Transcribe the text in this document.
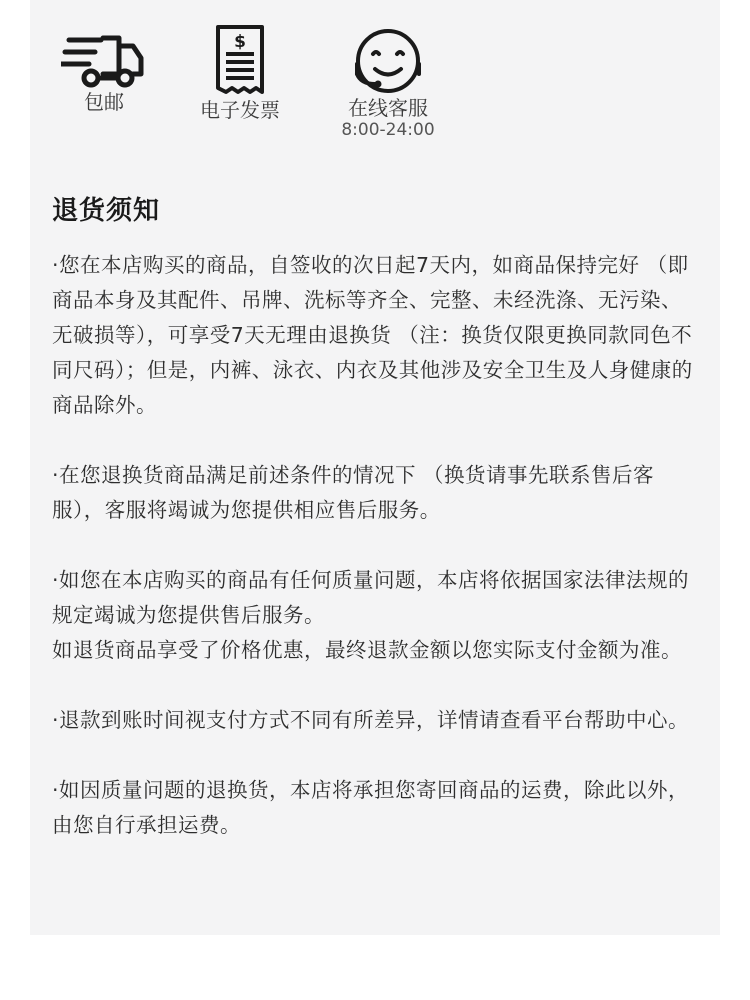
包邮
$
电子发票	在线客服
8:00-24:00
退货须知

·您在本店购买的商品，自签收的次日起7天内，如商品保持完好 （即商品本身及其配件、吊牌、洗标等齐全、完整、未经洗涤、无污染、无破损等），可享受7天无理由退换货 （注：换货仅限更换同款同色不同尺码）；但是，内裤、泳衣、内衣及其他涉及安全卫生及人身健康的商品除外。

·在您退换货商品满足前述条件的情况下 （换货请事先联系售后客服），客服将竭诚为您提供相应售后服务。

·如您在本店购买的商品有任何质量问题，本店将依据国家法律法规的规定竭诚为您提供售后服务。
如退货商品享受了价格优惠，最终退款金额以您实际支付金额为准。

·退款到账时间视支付方式不同有所差异，详情请查看平台帮助中心。

·如因质量问题的退换货，本店将承担您寄回商品的运费，除此以外，由您自行承担运费。
